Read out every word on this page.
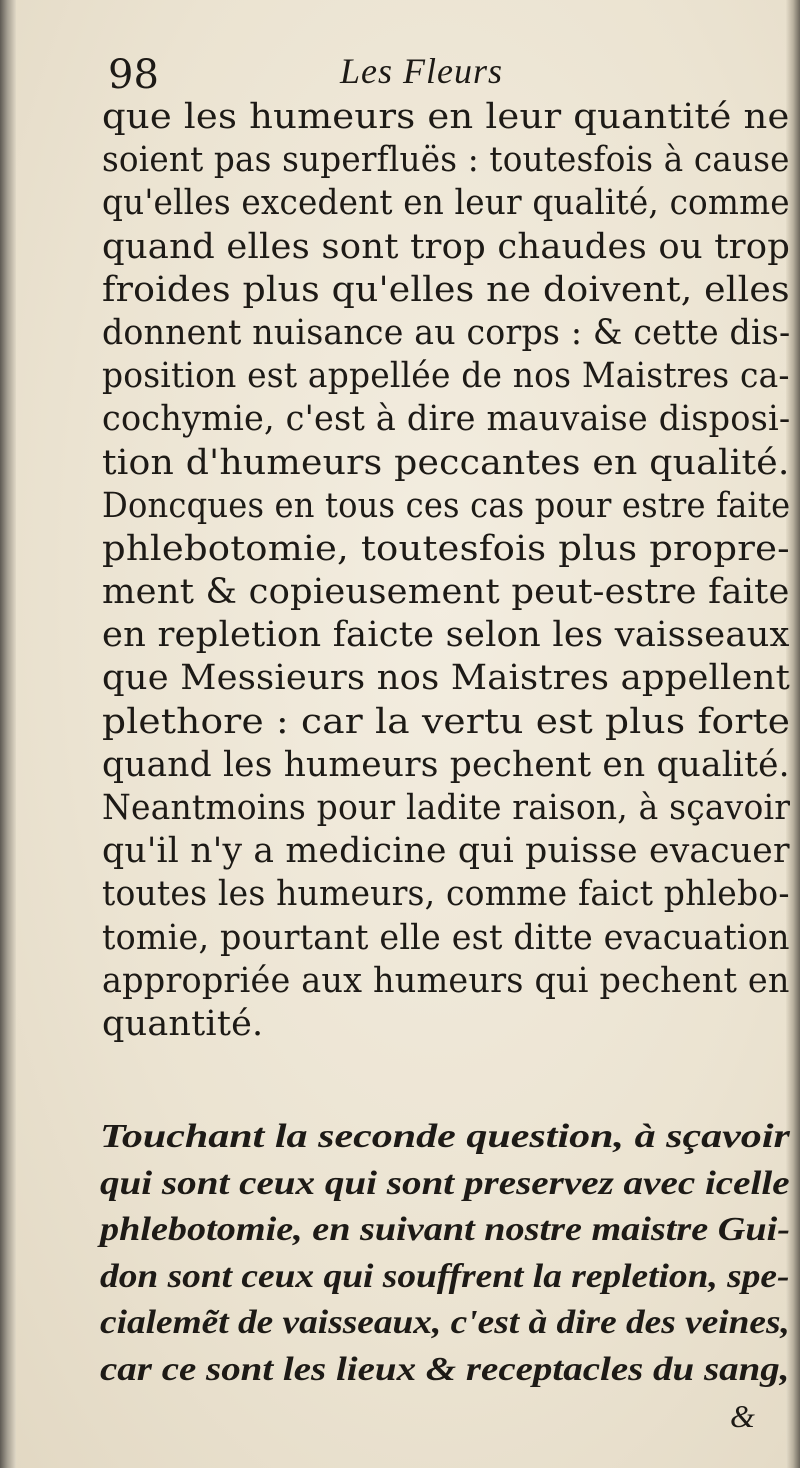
98	Les Fleurs
que les humeurs en leur quantité ne
soient pas superfluës : toutesfois à cause
qu'elles excedent en leur qualité, comme
quand elles sont trop chaudes ou trop
froides plus qu'elles ne doivent, elles
donnent nuisance au corps : & cette dis-
position est appellée de nos Maistres ca-
cochymie, c'est à dire mauvaise disposi-
tion d'humeurs peccantes en qualité.
Doncques en tous ces cas pour estre faite
phlebotomie, toutesfois plus propre-
ment & copieusement peut-estre faite
en repletion faicte selon les vaisseaux
que Messieurs nos Maistres appellent
plethore : car la vertu est plus forte
quand les humeurs pechent en qualité.
Neantmoins pour ladite raison, à sçavoir
qu'il n'y a medicine qui puisse evacuer
toutes les humeurs, comme faict phlebo-
tomie, pourtant elle est ditte evacuation
appropriée aux humeurs qui pechent en
quantité.
Touchant la seconde question, à sçavoir
qui sont ceux qui sont preservez avec icelle
phlebotomie, en suivant nostre maistre Gui-
don sont ceux qui souffrent la repletion, spe-
cialemẽt de vaisseaux, c'est à dire des veines,
car ce sont les lieux & receptacles du sang,
&
